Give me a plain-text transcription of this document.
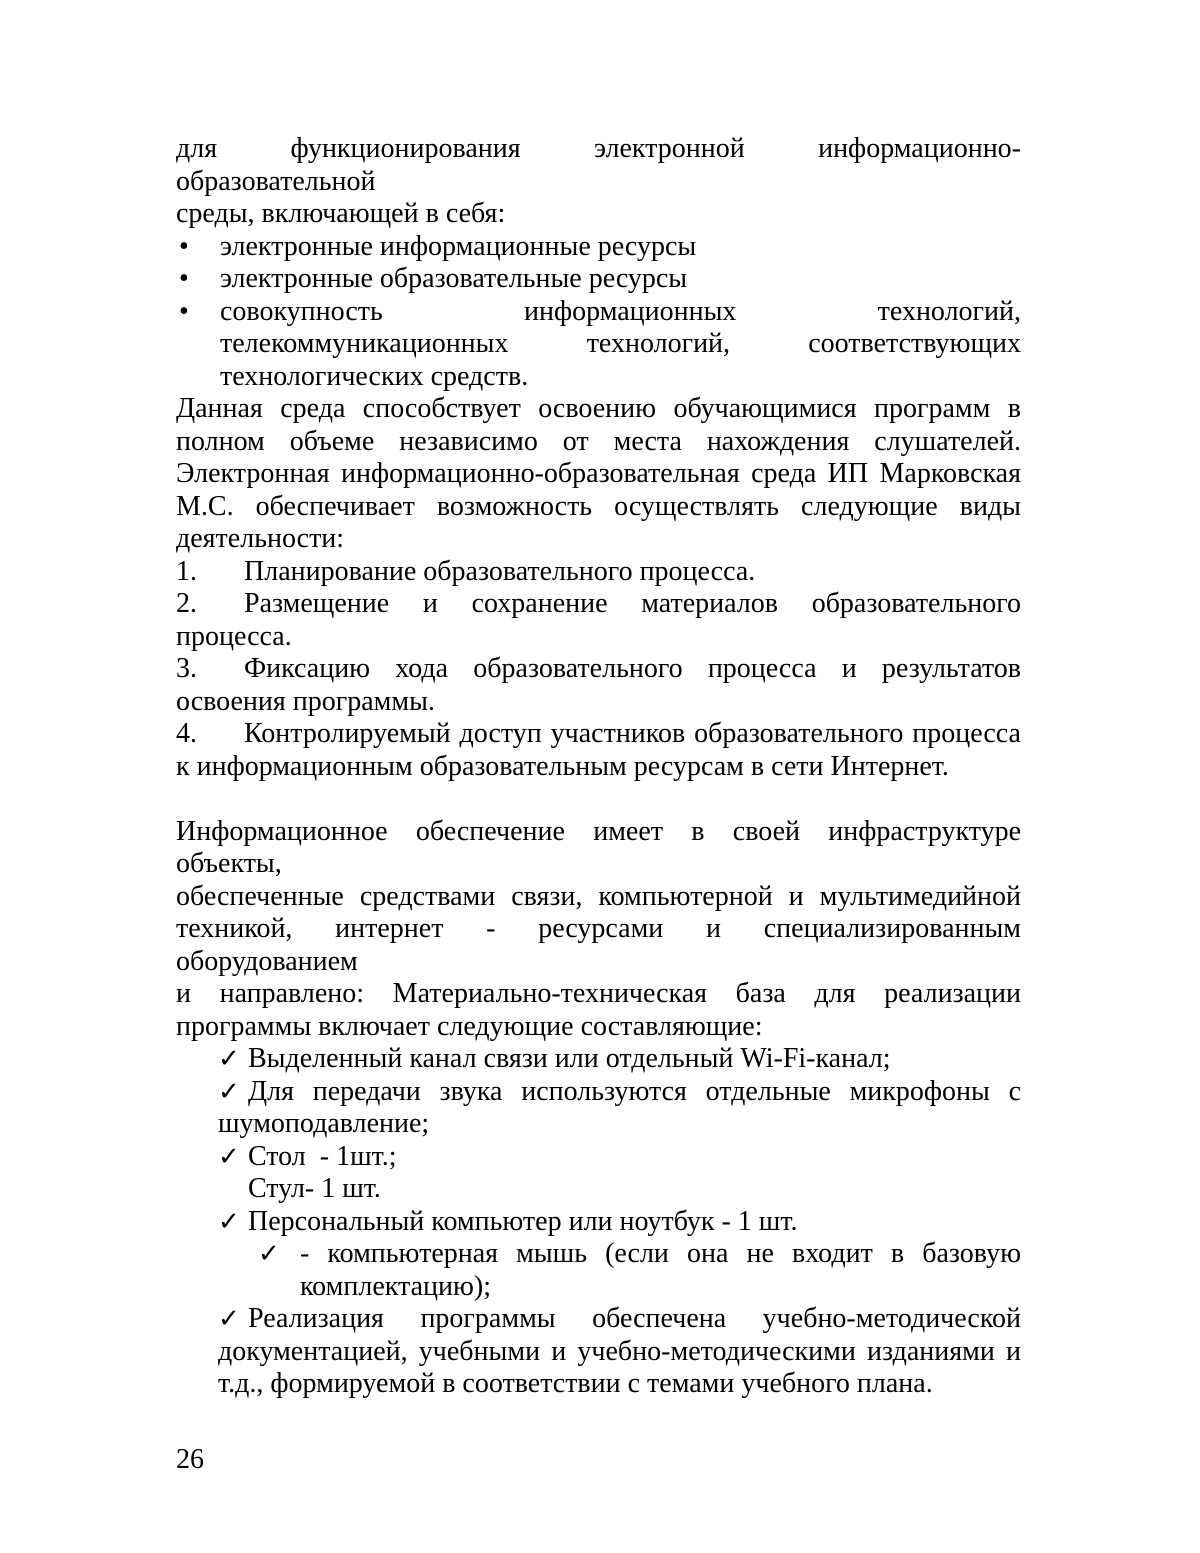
для функционирования электронной информационно-образовательной
среды, включающей в себя:
• электронные информационные ресурсы
• электронные образовательные ресурсы
• совокупность информационных технологий,
телекоммуникационных технологий, соответствующих
технологических средств.
Данная среда способствует освоению обучающимися программ в
полном объеме независимо от места нахождения слушателей.
Электронная информационно-образовательная среда ИП Марковская
М.С. обеспечивает возможность осуществлять следующие виды
деятельности:
1. Планирование образовательного процесса.
2. Размещение и сохранение материалов образовательного
процесса.
3. Фиксацию хода образовательного процесса и результатов
освоения программы.
4. Контролируемый доступ участников образовательного процесса
к информационным образовательным ресурсам в сети Интернет.
Информационное обеспечение имеет в своей инфраструктуре объекты,
обеспеченные средствами связи, компьютерной и мультимедийной
техникой, интернет - ресурсами и специализированным оборудованием
и направлено: Материально-техническая база для реализации
программы включает следующие составляющие:
✓ Выделенный канал связи или отдельный Wi-Fi-канал;
✓ Для передачи звука используются отдельные микрофоны с
шумоподавление;
✓ Стол  - 1шт.;
Стул- 1 шт.
✓ Персональный компьютер или ноутбук - 1 шт.
✓ - компьютерная мышь (если она не входит в базовую
комплектацию);
✓ Реализация программы обеспечена учебно-методической
документацией, учебными и учебно-методическими изданиями и
т.д., формируемой в соответствии с темами учебного плана.
26
